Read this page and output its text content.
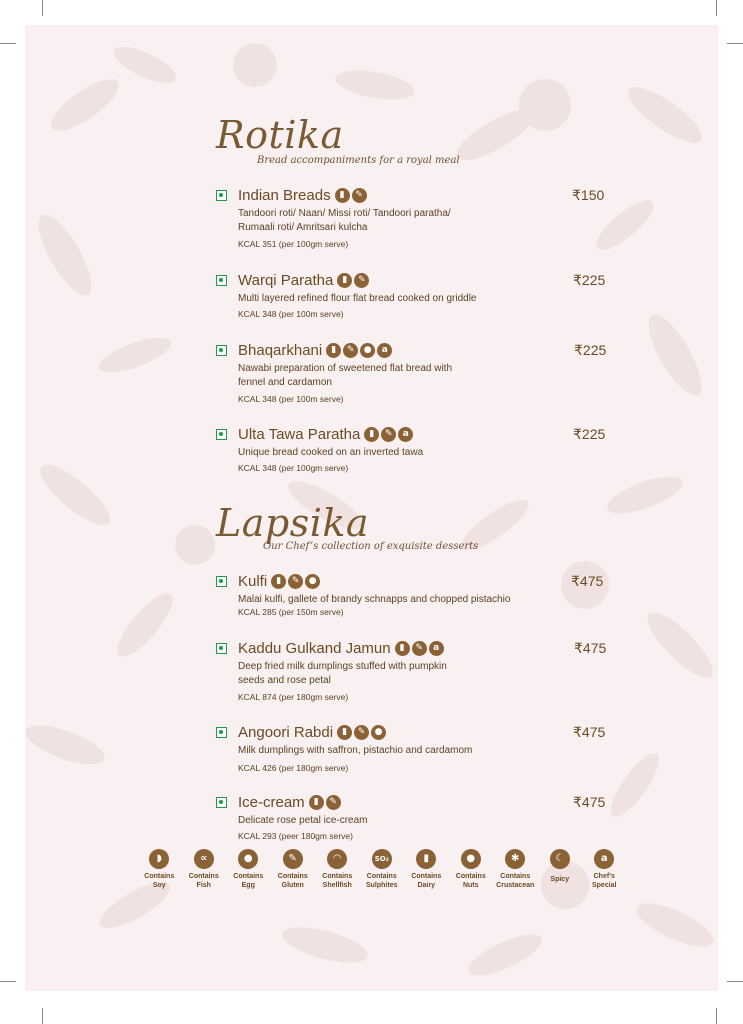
Rotika
Bread accompaniments for a royal meal
Indian Breads	▮	✎
Tandoori roti/ Naan/ Missi roti/ Tandoori paratha/
Rumaali roti/ Amritsari kulcha
KCAL 351 (per 100gm serve)
₹150
Warqi Paratha	▮	✎
Multi layered refined flour flat bread cooked on griddle
KCAL 348 (per 100m serve)
₹225
Bhaqarkhani	▮	✎	●	a
Nawabi preparation of sweetened flat bread with
fennel and cardamon
KCAL 348 (per 100m serve)
₹225
Ulta Tawa Paratha	▮	✎	a
Unique bread cooked on an inverted tawa
KCAL 348 (per 100gm serve)
₹225
Lapsika
Our Chef’s collection of exquisite desserts
Kulfi	▮	✎	●
Malai kulfi, gallete of brandy schnapps and chopped pistachio
KCAL 285 (per 150m serve)
₹475
Kaddu Gulkand Jamun	▮	✎	a
Deep fried milk dumplings stuffed with pumpkin
seeds and rose petal
KCAL 874 (per 180gm serve)
₹475
Angoori Rabdi	▮	✎	●
Milk dumplings with saffron, pistachio and cardamom
KCAL 426 (per 180gm serve)
₹475
Ice-cream	▮	✎
Delicate rose petal ice-cream
KCAL 293 (peer 180gm serve)
₹475
◗
Contains
Soy
∝
Contains
Fish
●
Contains
Egg
✎
Contains
Gluten
◠
Contains
Shellfish
SO₂
Contains
Sulphites
▮
Contains
Dairy
●
Contains
Nuts
✱
Contains
Crustacean
☾
Spicy
a
Chef’s
Special
